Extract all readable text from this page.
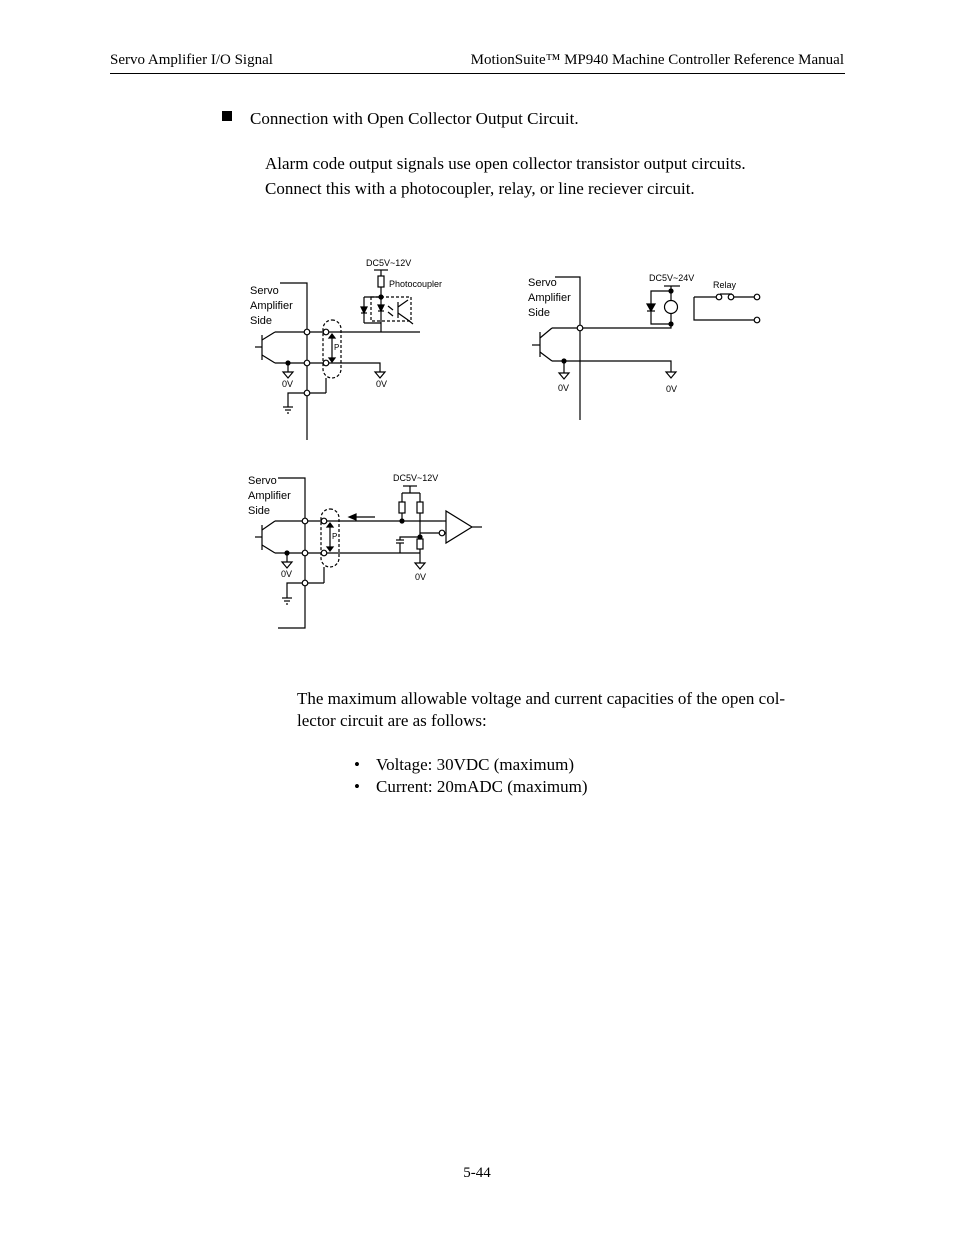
Servo Amplifier I/O Signal	MotionSuite™ MP940 Machine Controller Reference Manual
Connection with Open Collector Output Circuit.
Alarm code output signals use open collector transistor output circuits.
Connect this with a photocoupler, relay, or line reciever circuit.
Servo
Amplifier
Side
0V
P
0V
DC5V~12V
Photocoupler	Servo
Amplifier
Side
0V	0V
DC5V~24V
Relay
Servo
Amplifier
Side
0V
P
DC5V~12V
0V
The maximum allowable voltage and current capacities of the open col-
lector circuit are as follows:
• Voltage: 30VDC (maximum)
• Current: 20mADC (maximum)
5-44
